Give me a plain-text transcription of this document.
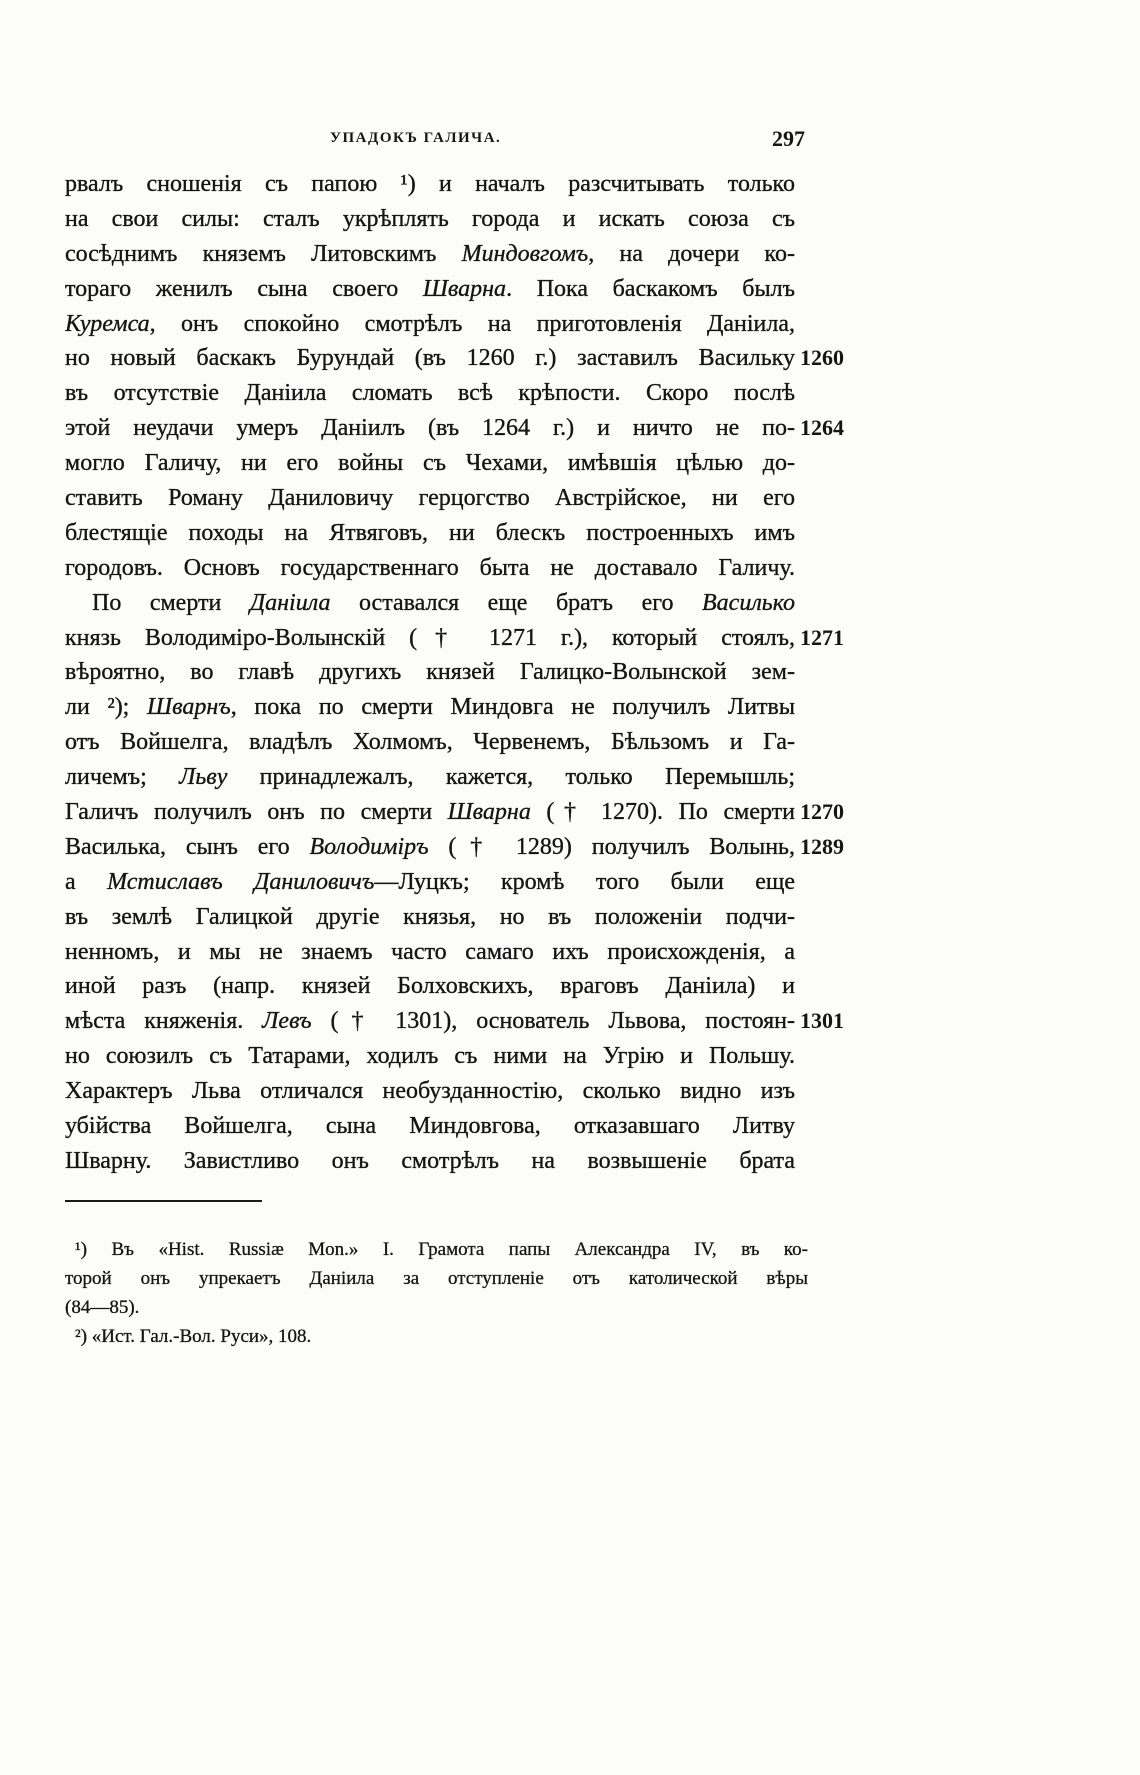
УПАДОКЪ ГАЛИЧА.	297
рвалъ сношенія съ папою ¹) и началъ разсчитывать только
на свои силы: сталъ укрѣплять города и искать союза съ
сосѣднимъ княземъ Литовскимъ Миндовгомъ, на дочери ко-
тораго женилъ сына своего Шварна. Пока баскакомъ былъ
Куремса, онъ спокойно смотрѣлъ на приготовленія Даніила,
но новый баскакъ Бурундай (въ 1260 г.) заставилъ Васильку 1260
въ отсутствіе Даніила сломать всѣ крѣпости. Скоро послѣ
этой неудачи умеръ Даніилъ (въ 1264 г.) и ничто не по- 1264
могло Галичу, ни его войны съ Чехами, имѣвшія цѣлью до-
ставить Роману Даниловичу герцогство Австрійское, ни его
блестящіе походы на Ятвяговъ, ни блескъ построенныхъ имъ
городовъ. Основъ государственнаго быта не доставало Галичу.
По смерти Даніила оставался еще братъ его Василько
князь Володиміро-Волынскій († 1271 г.), который стоялъ, 1271
вѣроятно, во главѣ другихъ князей Галицко-Волынской зем-
ли ²); Шварнъ, пока по смерти Миндовга не получилъ Литвы
отъ Войшелга, владѣлъ Холмомъ, Червенемъ, Бѣльзомъ и Га-
личемъ; Льву принадлежалъ, кажется, только Перемышль;
Галичъ получилъ онъ по смерти Шварна († 1270). По смерти 1270
Василька, сынъ его Володиміръ († 1289) получилъ Волынь, 1289
а Мстиславъ Даниловичъ—Луцкъ; кромѣ того были еще
въ землѣ Галицкой другіе князья, но въ положеніи подчи-
ненномъ, и мы не знаемъ часто самаго ихъ происхожденія, а
иной разъ (напр. князей Болховскихъ, враговъ Даніила) и
мѣста княженія. Левъ († 1301), основатель Львова, постоян- 1301
но союзилъ съ Татарами, ходилъ съ ними на Угрію и Польшу.
Характеръ Льва отличался необузданностію, сколько видно изъ
убійства Войшелга, сына Миндовгова, отказавшаго Литву
Шварну. Завистливо онъ смотрѣлъ на возвышеніе брата
¹) Въ «Hist. Russiæ Mon.» I. Грамота папы Александра IV, въ ко-
торой онъ упрекаетъ Даніила за отступленіе отъ католической вѣры
(84—85).
²) «Ист. Гал.-Вол. Руси», 108.
